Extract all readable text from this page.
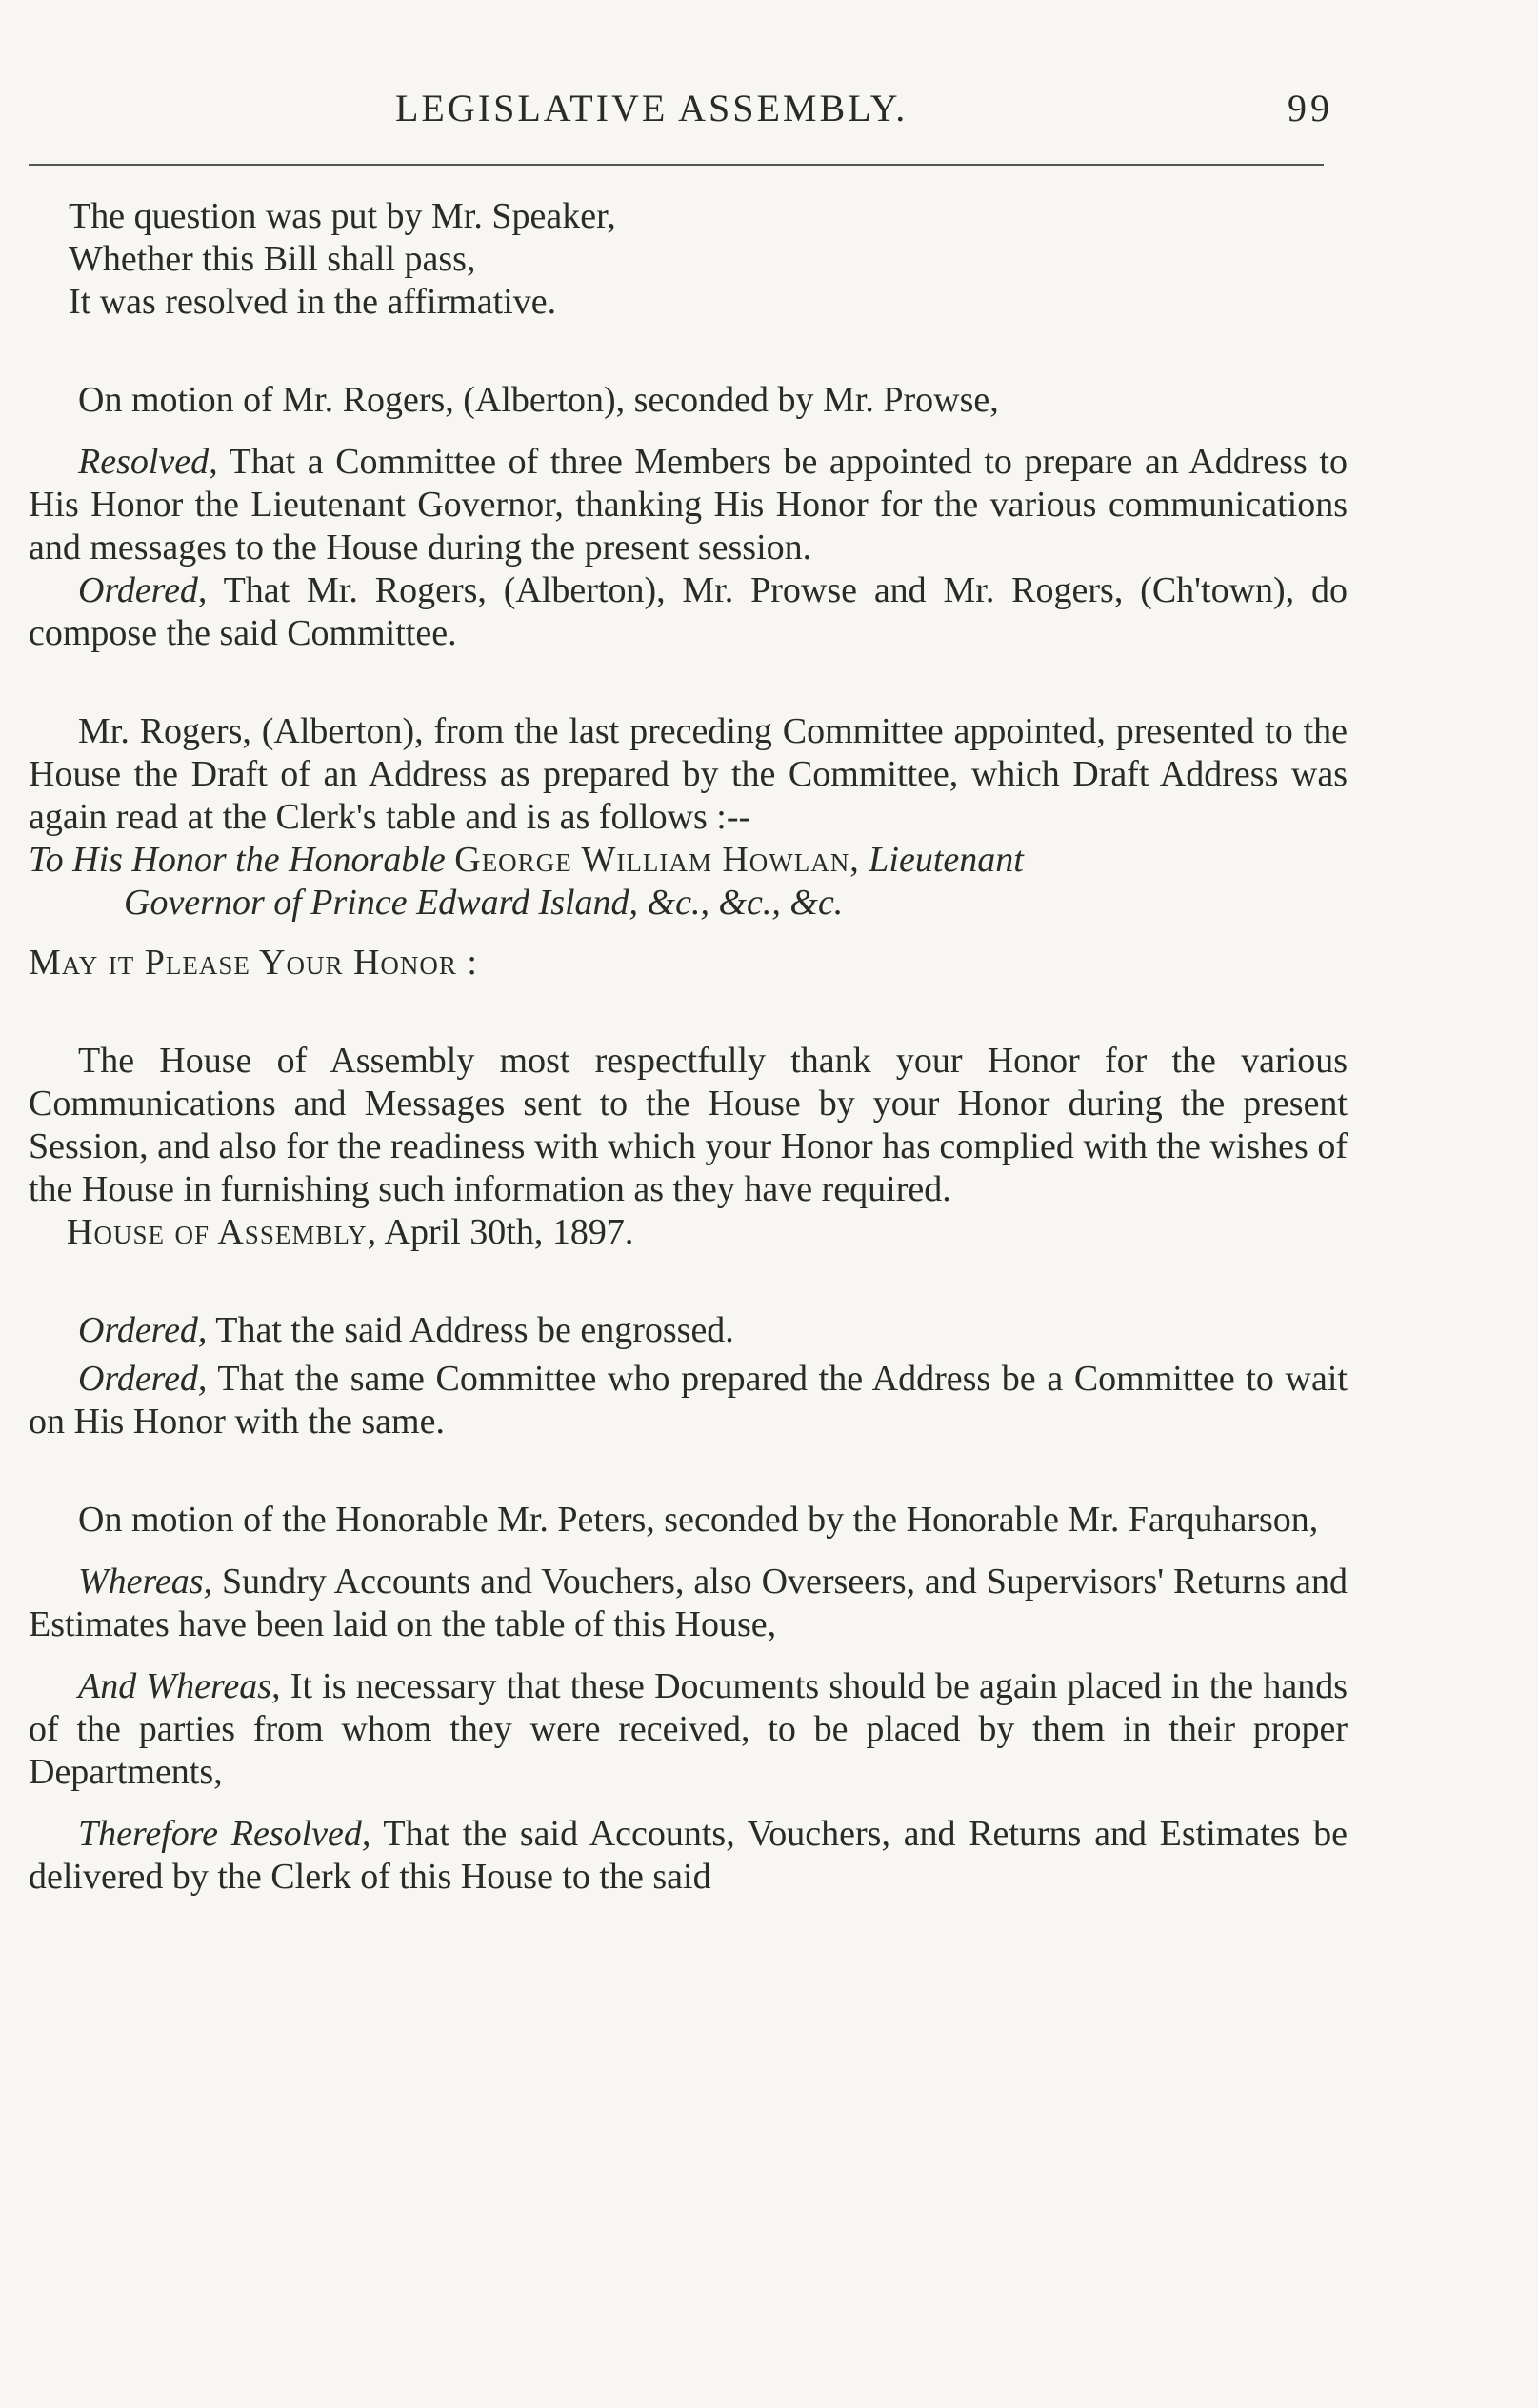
LEGISLATIVE ASSEMBLY.	99

The question was put by Mr. Speaker,
Whether this Bill shall pass,
It was resolved in the affirmative.

On motion of Mr. Rogers, (Alberton), seconded by Mr. Prowse,

Resolved, That a Committee of three Members be appointed to prepare an Address to His Honor the Lieutenant Governor, thanking His Honor for the various communications and messages to the House during the present session.

Ordered, That Mr. Rogers, (Alberton), Mr. Prowse and Mr. Rogers, (Ch'town), do compose the said Committee.

Mr. Rogers, (Alberton), from the last preceding Committee appointed, presented to the House the Draft of an Address as prepared by the Committee, which Draft Address was again read at the Clerk's table and is as follows :--

To His Honor the Honorable George William Howlan, Lieutenant

Governor of Prince Edward Island, &c., &c., &c.

May it Please Your Honor :

The House of Assembly most respectfully thank your Honor for the various Communications and Messages sent to the House by your Honor during the present Session, and also for the readiness with which your Honor has complied with the wishes of the House in furnishing such information as they have required.

House of Assembly, April 30th, 1897.

Ordered, That the said Address be engrossed.

Ordered, That the same Committee who prepared the Address be a Committee to wait on His Honor with the same.

On motion of the Honorable Mr. Peters, seconded by the Honorable Mr. Farquharson,

Whereas, Sundry Accounts and Vouchers, also Overseers, and Supervisors' Returns and Estimates have been laid on the table of this House,

And Whereas, It is necessary that these Documents should be again placed in the hands of the parties from whom they were received, to be placed by them in their proper Departments,

Therefore Resolved, That the said Accounts, Vouchers, and Returns and Estimates be delivered by the Clerk of this House to the said
